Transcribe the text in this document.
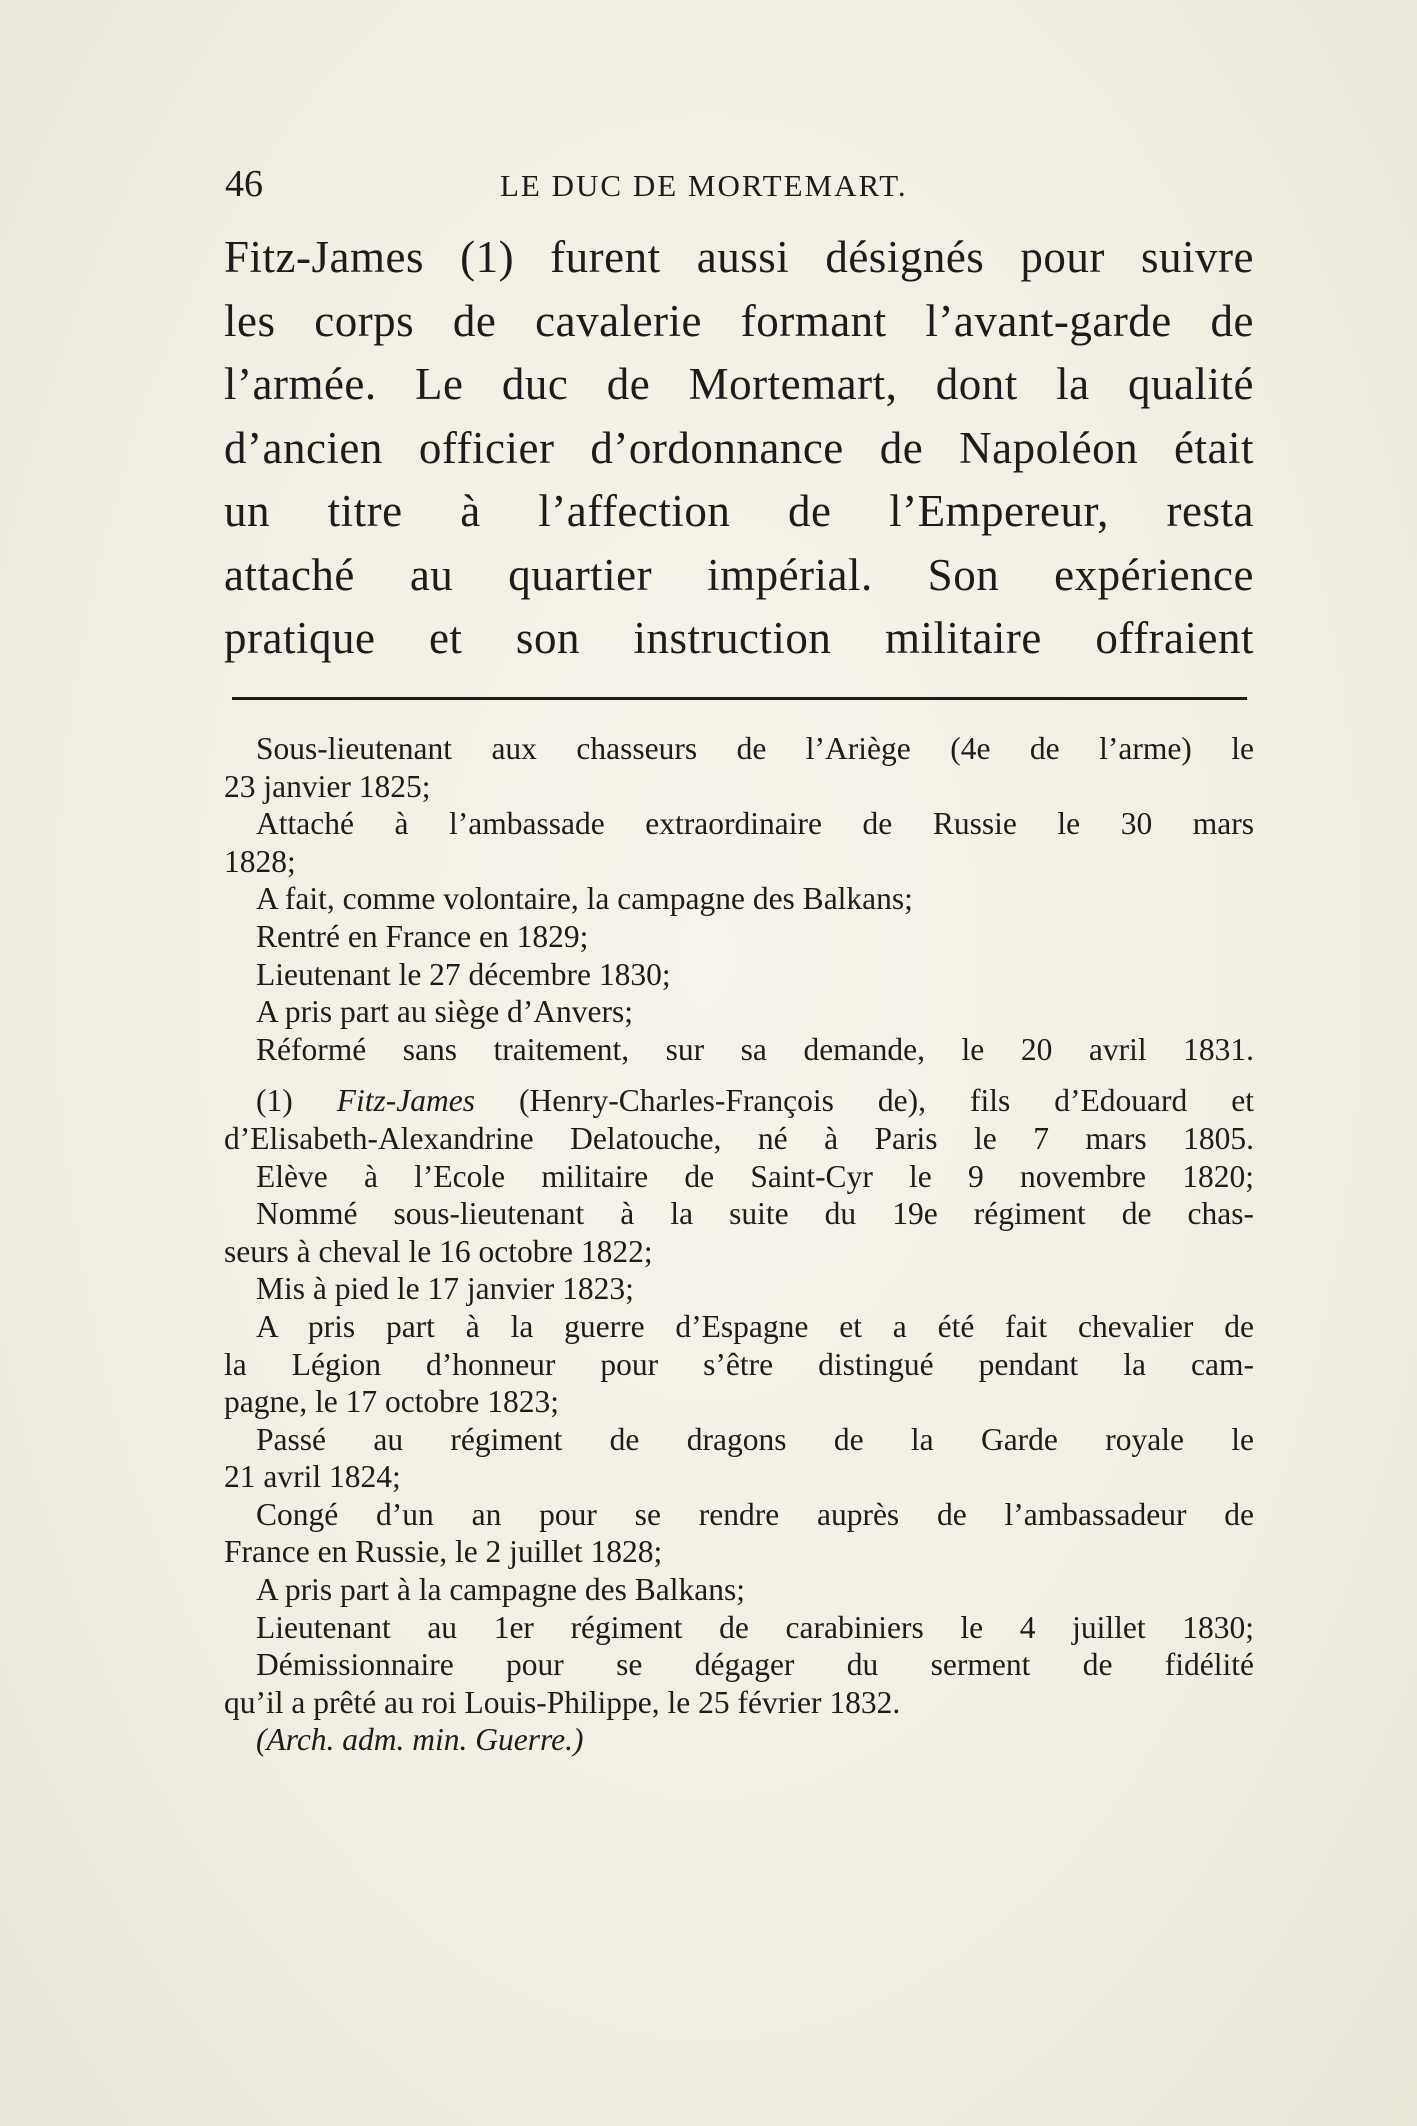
46	LE DUC DE MORTEMART.
Fitz-James (1) furent aussi désignés pour suivre
les corps de cavalerie formant l’avant-garde de
l’armée. Le duc de Mortemart, dont la qualité
d’ancien officier d’ordonnance de Napoléon était
un titre à l’affection de l’Empereur, resta
attaché au quartier impérial. Son expérience
pratique et son instruction militaire offraient
Sous-lieutenant aux chasseurs de l’Ariège (4e de l’arme) le
23 janvier 1825;
Attaché à l’ambassade extraordinaire de Russie le 30 mars
1828;
A fait, comme volontaire, la campagne des Balkans;
Rentré en France en 1829;
Lieutenant le 27 décembre 1830;
A pris part au siège d’Anvers;
Réformé sans traitement, sur sa demande, le 20 avril 1831.
(1) Fitz-James (Henry-Charles-François de), fils d’Edouard et
d’Elisabeth-Alexandrine Delatouche, né à Paris le 7 mars 1805.
Elève à l’Ecole militaire de Saint-Cyr le 9 novembre 1820;
Nommé sous-lieutenant à la suite du 19e régiment de chas-
seurs à cheval le 16 octobre 1822;
Mis à pied le 17 janvier 1823;
A pris part à la guerre d’Espagne et a été fait chevalier de
la Légion d’honneur pour s’être distingué pendant la cam-
pagne, le 17 octobre 1823;
Passé au régiment de dragons de la Garde royale le
21 avril 1824;
Congé d’un an pour se rendre auprès de l’ambassadeur de
France en Russie, le 2 juillet 1828;
A pris part à la campagne des Balkans;
Lieutenant au 1er régiment de carabiniers le 4 juillet 1830;
Démissionnaire pour se dégager du serment de fidélité
qu’il a prêté au roi Louis-Philippe, le 25 février 1832.
(Arch. adm. min. Guerre.)
